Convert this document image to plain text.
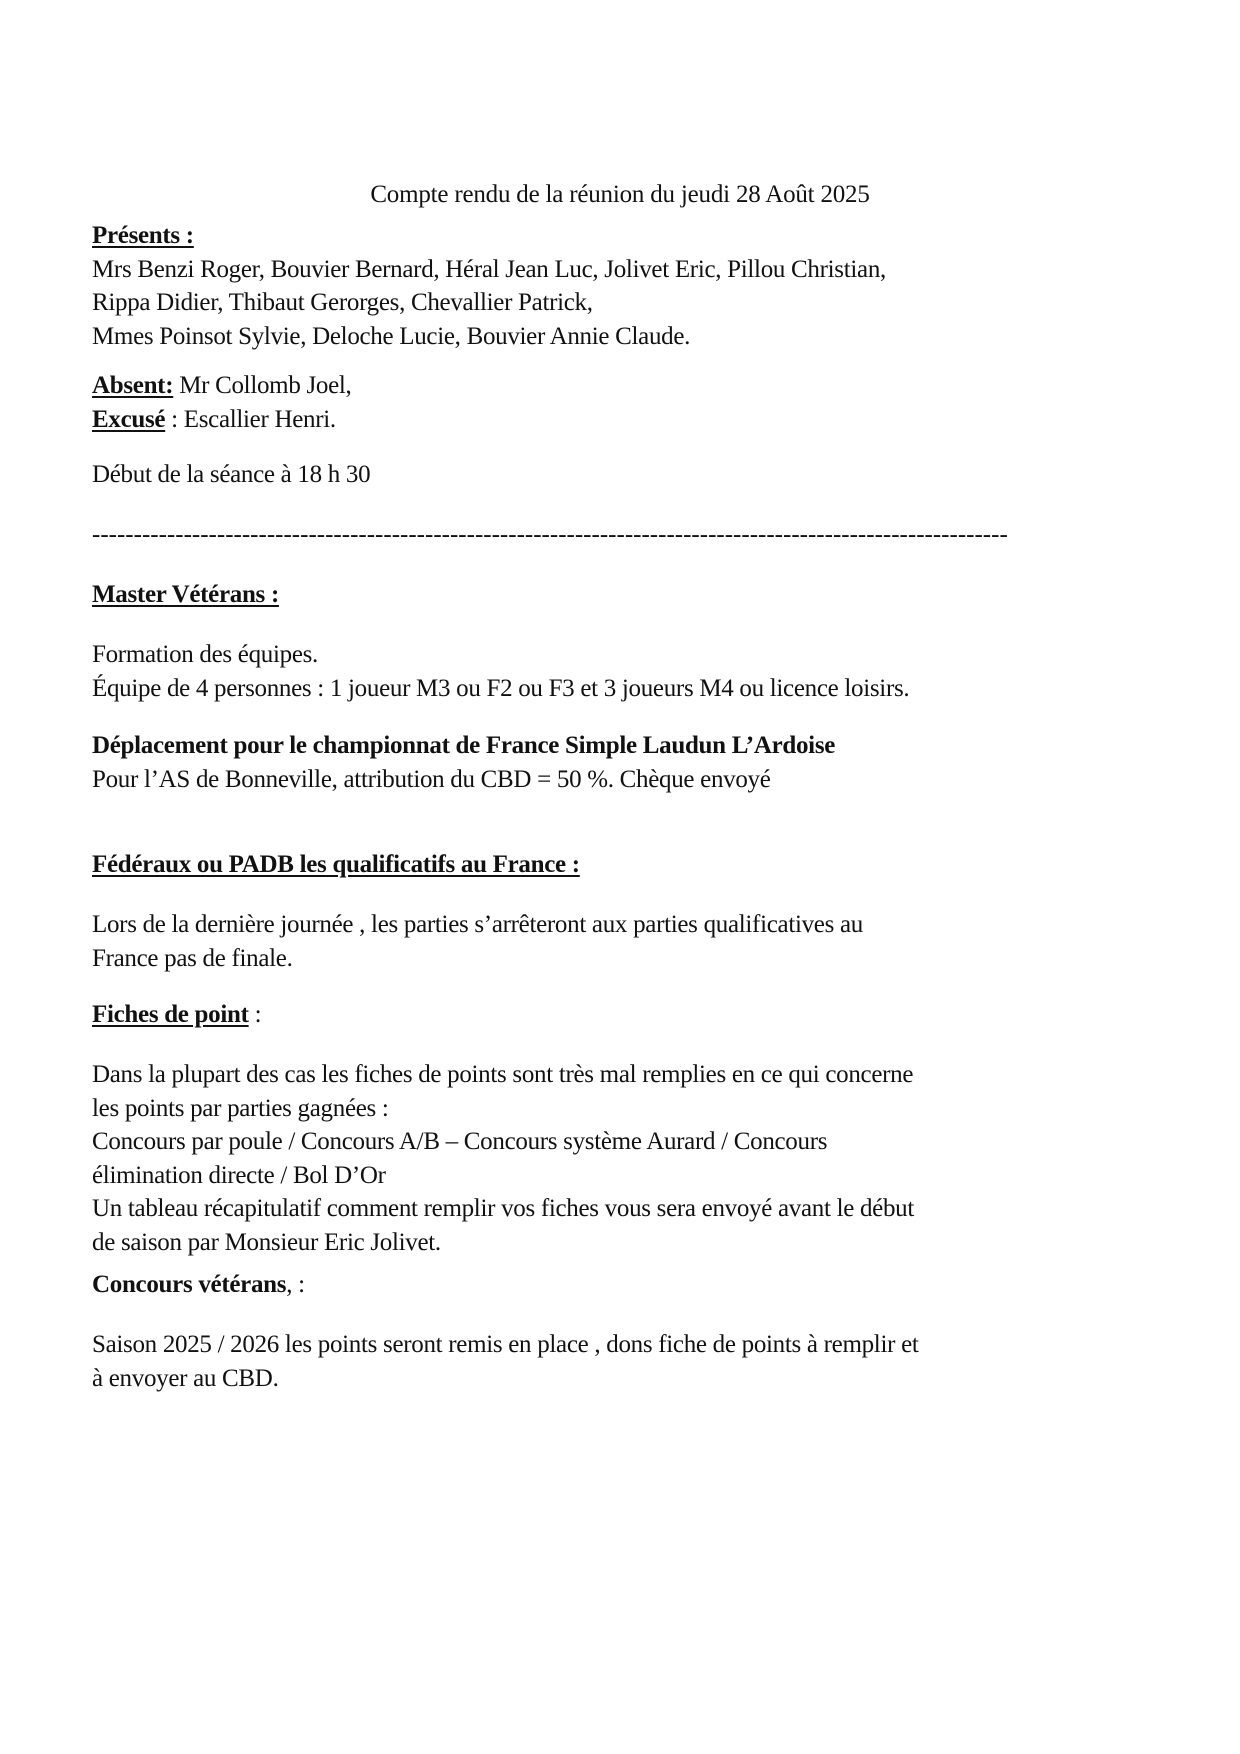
Compte rendu de la réunion du jeudi 28 Août 2025
Présents :
Mrs Benzi Roger, Bouvier Bernard, Héral Jean Luc, Jolivet Eric, Pillou Christian,
Rippa Didier, Thibaut Gerorges, Chevallier Patrick,
Mmes Poinsot Sylvie, Deloche Lucie, Bouvier Annie Claude.
Absent: Mr Collomb Joel,
Excusé : Escallier Henri.
Début de la séance à 18 h 30
--------------------------------------------------------------------------------------------------------------
Master Vétérans :
Formation des équipes.
Équipe de 4 personnes : 1 joueur M3 ou F2 ou F3 et 3 joueurs M4 ou licence loisirs.
Déplacement pour le championnat de France Simple Laudun L’Ardoise
Pour l’AS de Bonneville, attribution du CBD = 50 %. Chèque envoyé
Fédéraux ou PADB les qualificatifs au France :
Lors de la dernière journée , les parties s’arrêteront aux parties qualificatives au
France pas de finale.
Fiches de point :
Dans la plupart des cas les fiches de points sont très mal remplies en ce qui concerne
les points par parties gagnées :
Concours par poule / Concours A/B – Concours système Aurard / Concours
élimination directe / Bol D’Or
Un tableau récapitulatif comment remplir vos fiches vous sera envoyé avant le début
de saison par Monsieur Eric Jolivet.
Concours vétérans, :
Saison 2025 / 2026 les points seront remis en place , dons fiche de points à remplir et
à envoyer au CBD.
